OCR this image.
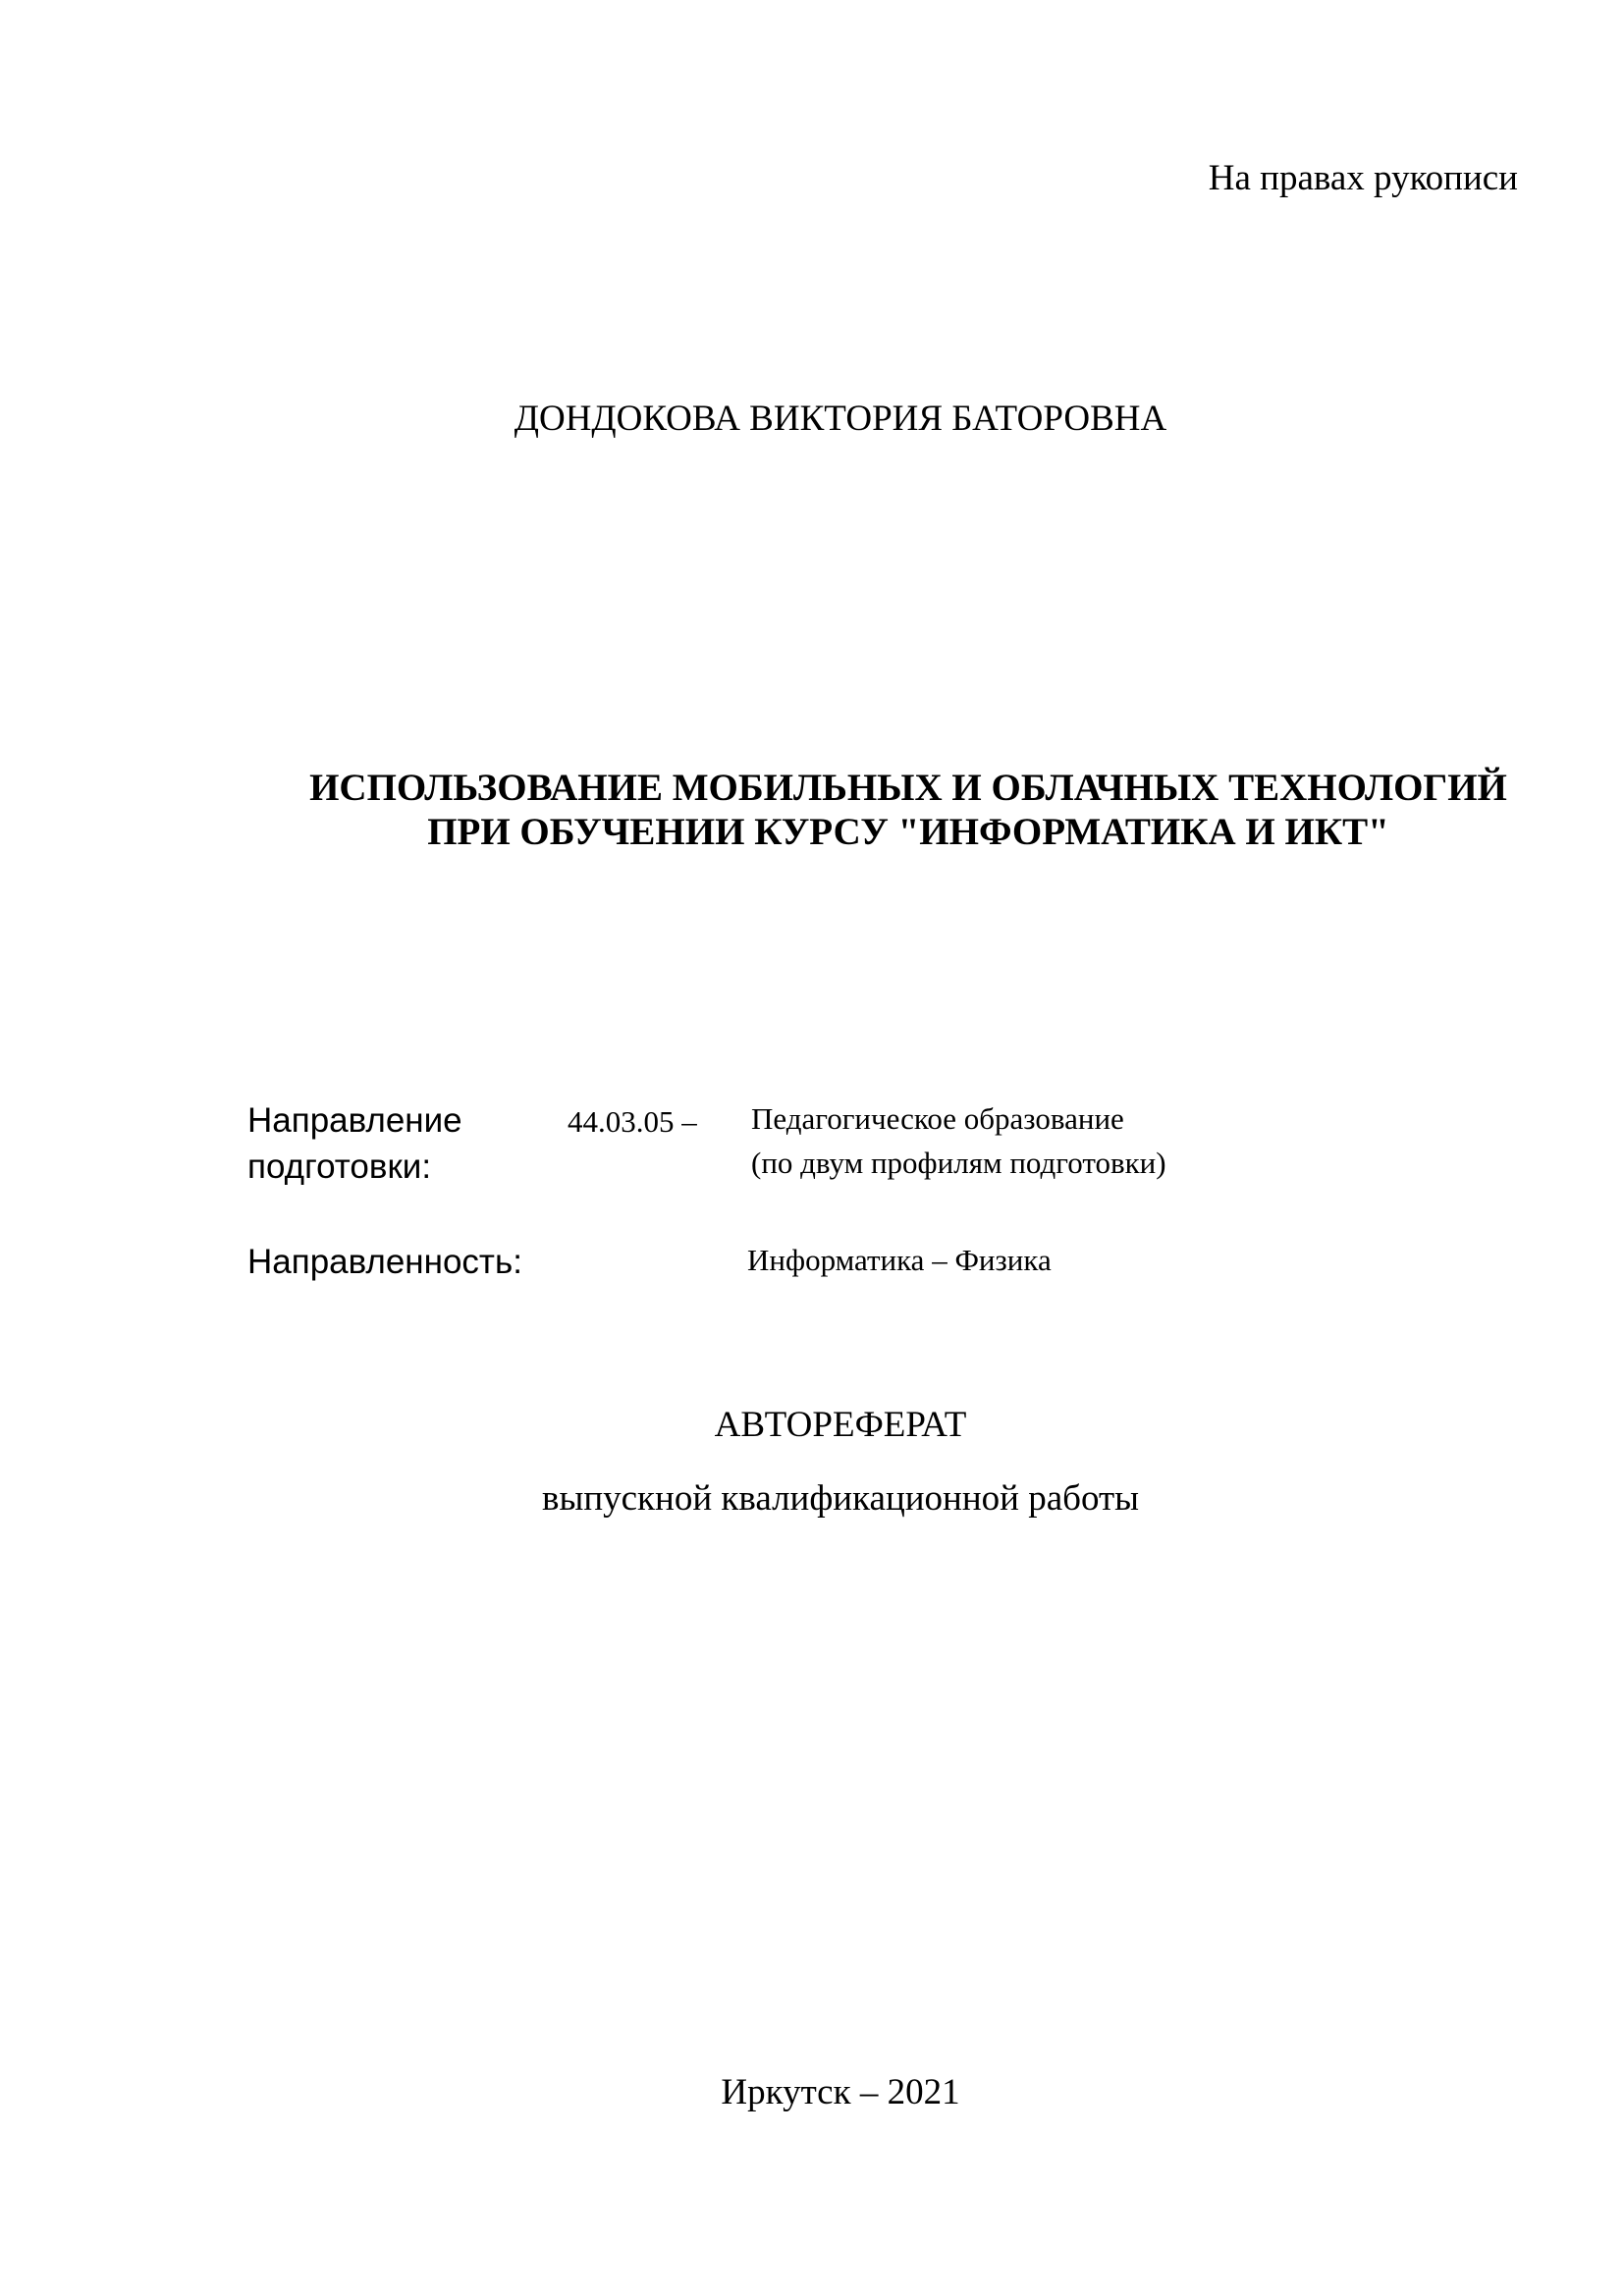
На правах рукописи
ДОНДОКОВА ВИКТОРИЯ БАТОРОВНА
ИСПОЛЬЗОВАНИЕ МОБИЛЬНЫХ И ОБЛАЧНЫХ ТЕХНОЛОГИЙ
ПРИ ОБУЧЕНИИ КУРСУ "ИНФОРМАТИКА И ИКТ"
Направление
подготовки:
44.03.05 – Педагогическое образование
(по двум профилям подготовки)
Направленность:	Информатика – Физика
АВТОРЕФЕРАТ
выпускной квалификационной работы
Иркутск – 2021
